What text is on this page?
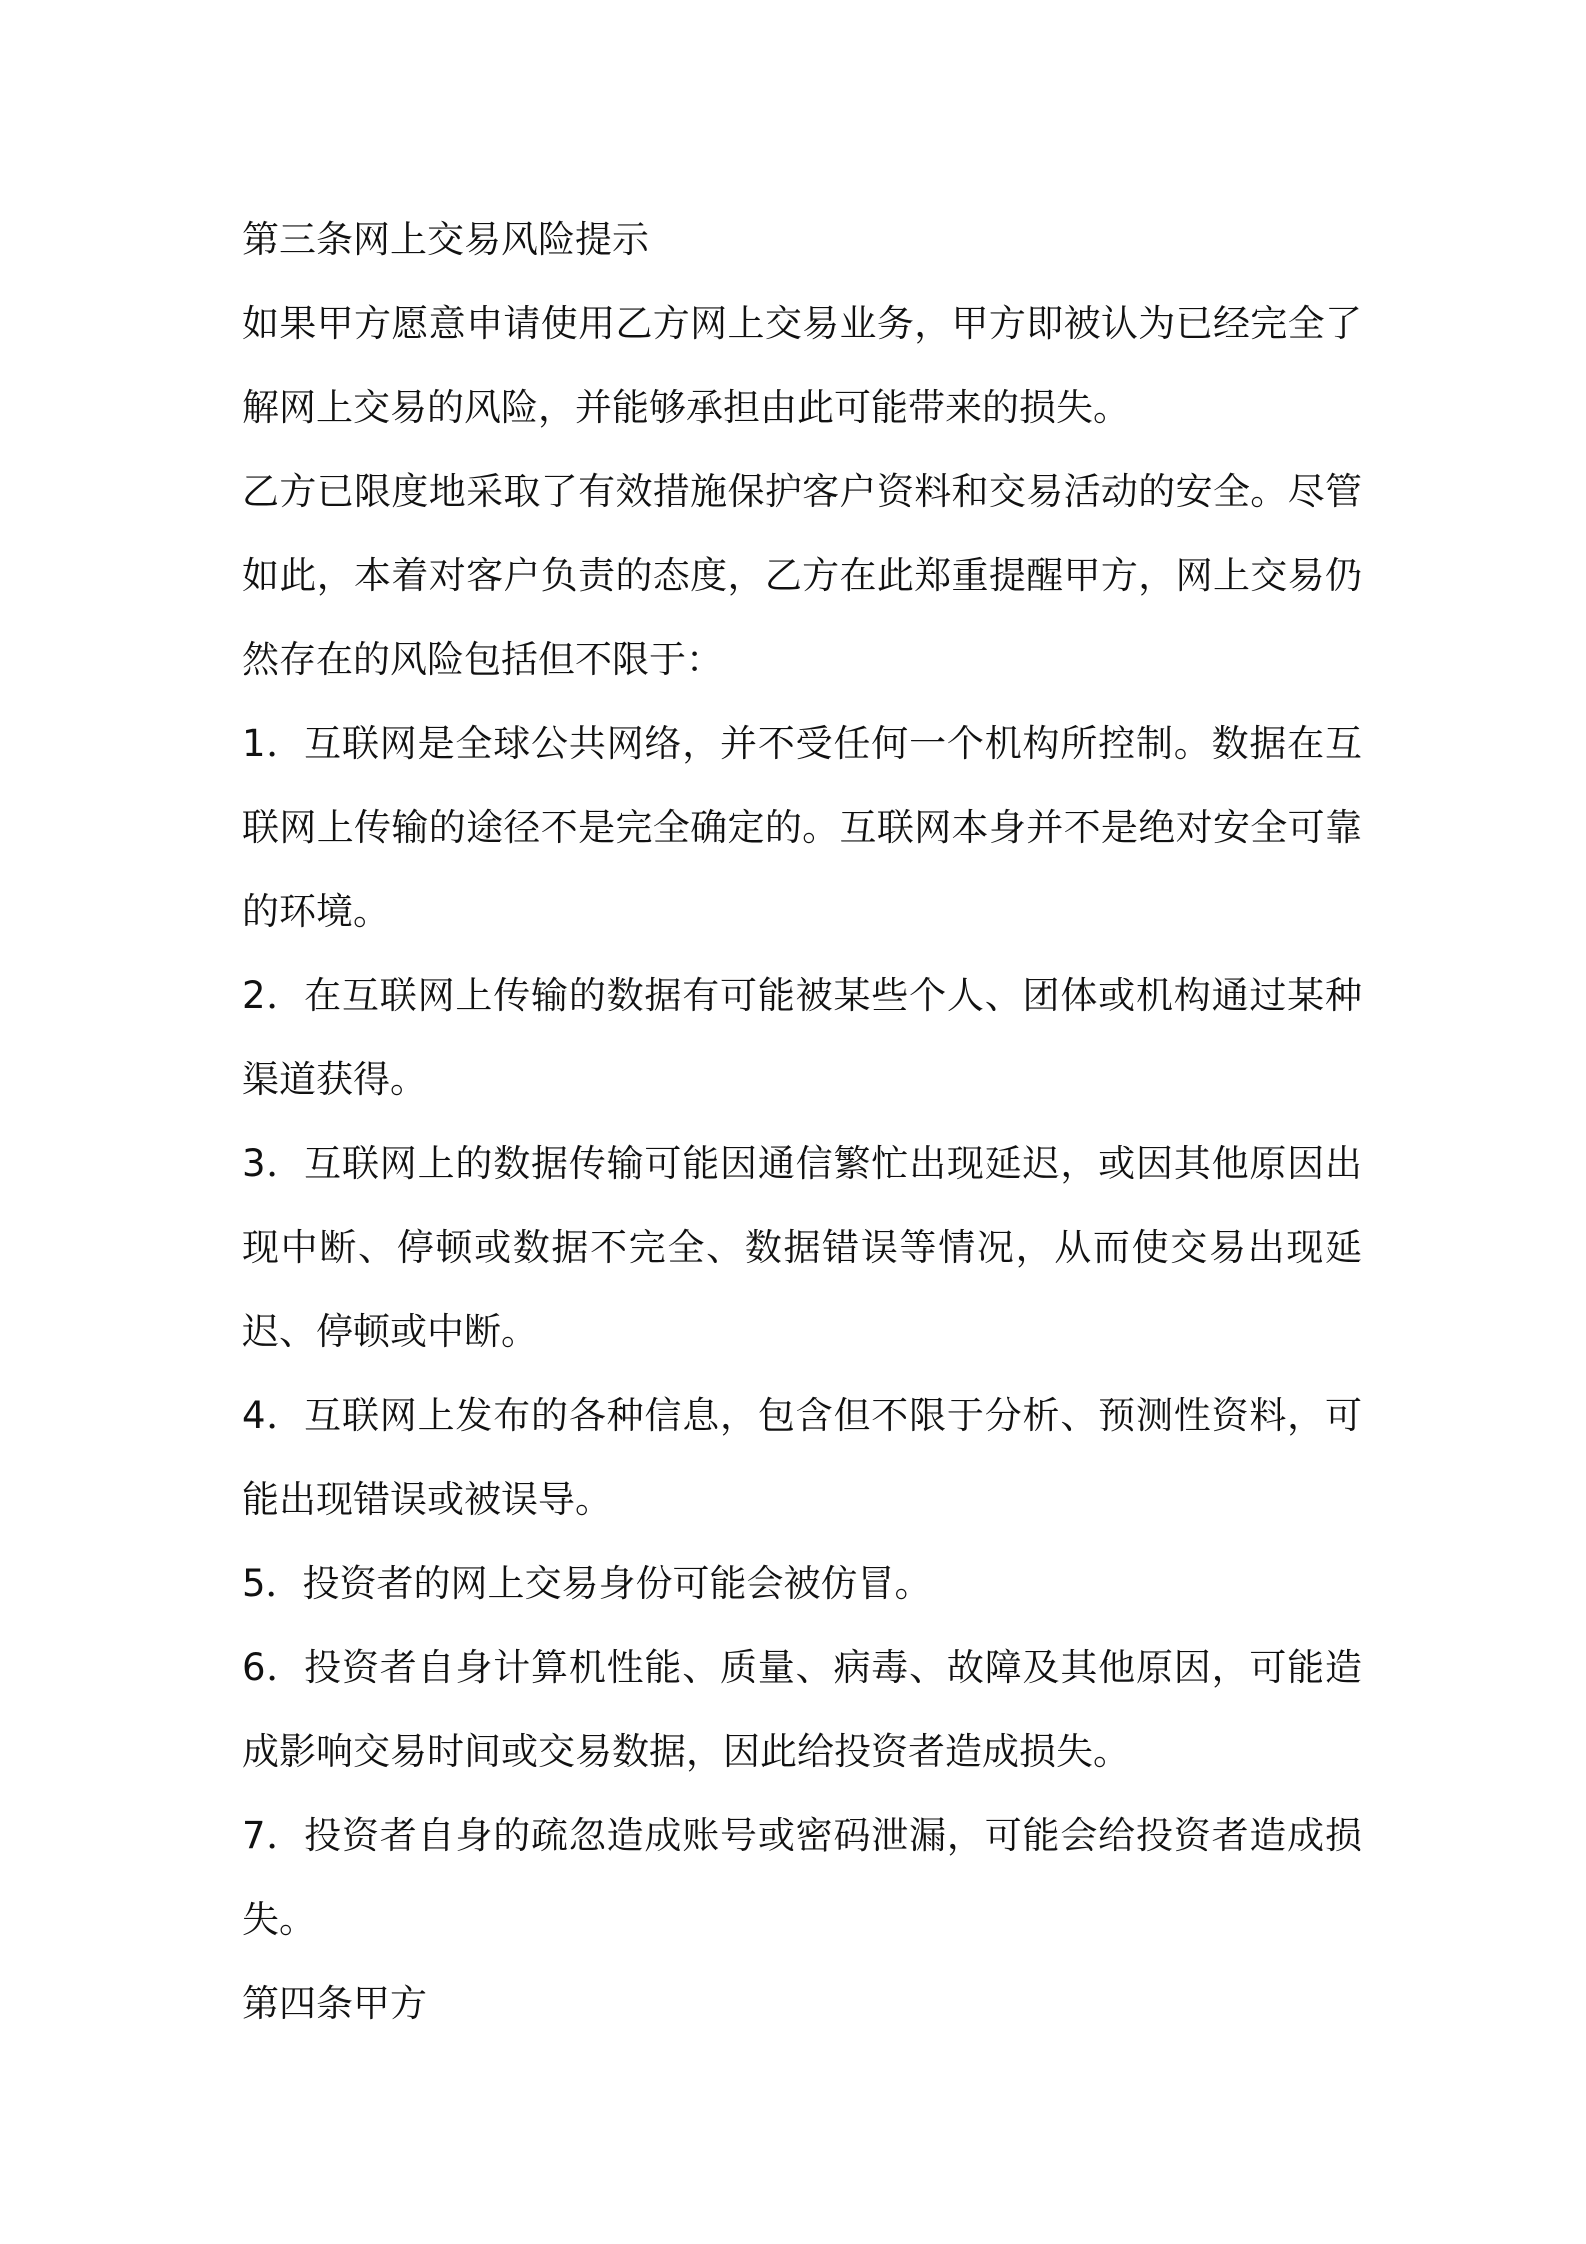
第三条网上交易风险提示

如果甲方愿意申请使用乙方网上交易业务，甲方即被认为已经完全了解网上交易的风险，并能够承担由此可能带来的损失。

乙方已限度地采取了有效措施保护客户资料和交易活动的安全。尽管如此，本着对客户负责的态度，乙方在此郑重提醒甲方，网上交易仍然存在的风险包括但不限于：

1．互联网是全球公共网络，并不受任何一个机构所控制。数据在互联网上传输的途径不是完全确定的。互联网本身并不是绝对安全可靠的环境。

2．在互联网上传输的数据有可能被某些个人、团体或机构通过某种渠道获得。

3．互联网上的数据传输可能因通信繁忙出现延迟，或因其他原因出现中断、停顿或数据不完全、数据错误等情况，从而使交易出现延迟、停顿或中断。

4．互联网上发布的各种信息，包含但不限于分析、预测性资料，可能出现错误或被误导。

5．投资者的网上交易身份可能会被仿冒。

6．投资者自身计算机性能、质量、病毒、故障及其他原因，可能造成影响交易时间或交易数据，因此给投资者造成损失。

7．投资者自身的疏忽造成账号或密码泄漏，可能会给投资者造成损失。

第四条甲方
